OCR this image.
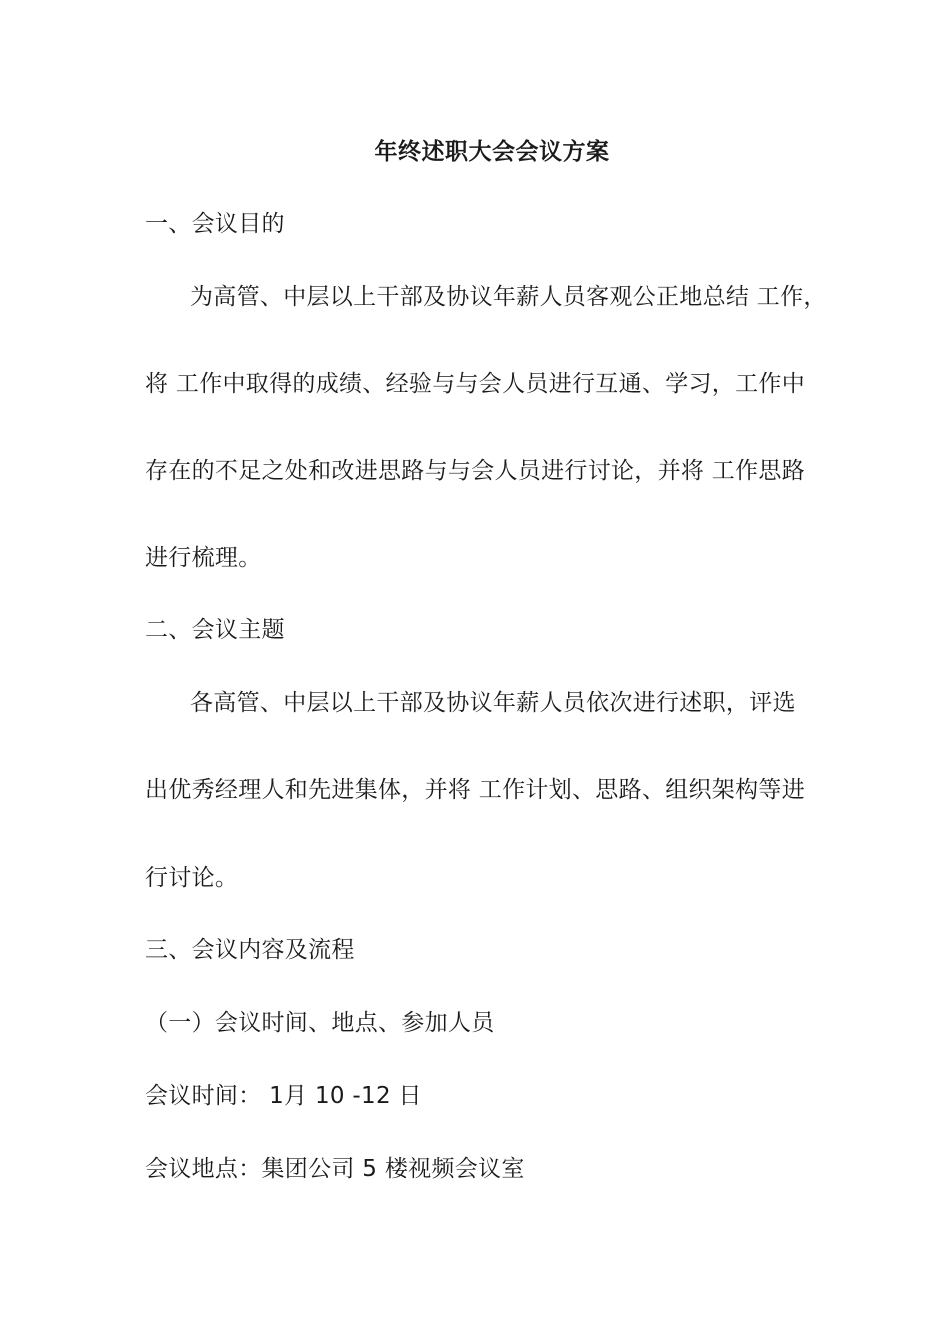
年终述职大会会议方案
一、会议目的
为高管、中层以上干部及协议年薪人员客观公正地总结 工作，
将 工作中取得的成绩、经验与与会人员进行互通、学习，工作中
存在的不足之处和改进思路与与会人员进行讨论，并将 工作思路
进行梳理。
二、会议主题
各高管、中层以上干部及协议年薪人员依次进行述职，评选
出优秀经理人和先进集体，并将 工作计划、思路、组织架构等进
行讨论。
三、会议内容及流程
（一）会议时间、地点、参加人员
会议时间： 1月 10 -12 日
会议地点：集团公司 5 楼视频会议室
